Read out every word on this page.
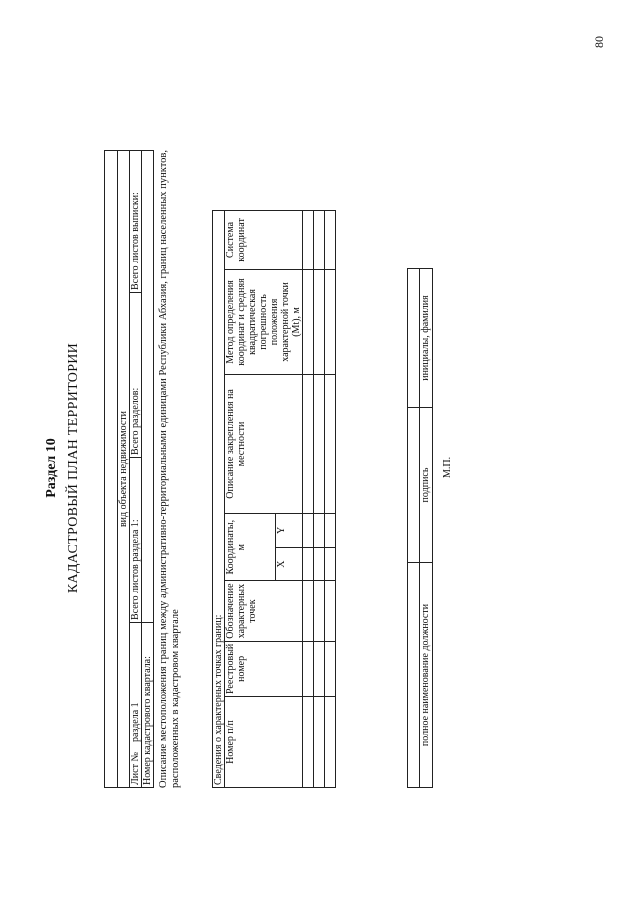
80
Раздел 10 КАДАСТРОВЫЙ ПЛАН ТЕРРИТОРИИ	вид объекта недвижимости			
Лист №    раздела 1	Всего листов раздела 1:	Всего разделов:	Всего листов выписки:
Номер кадастрового квартала:			Описание местоположения границ между административно-территориальными единицами Республики Абхазия, границ населенных пунктов, расположенных в кадастровом квартале	Сведения о характерных точках границ:							
Номер п/п	Реестровый номер	Обозначение характерных точек	Координаты, м		Описание закрепления на местности	Метод определения координат и средняя квадратическая погрешность положения характерной точки (Mt), м	Система координат
			X	Y			

полное наименование должности	подпись	инициалы, фамилия
М.П.
